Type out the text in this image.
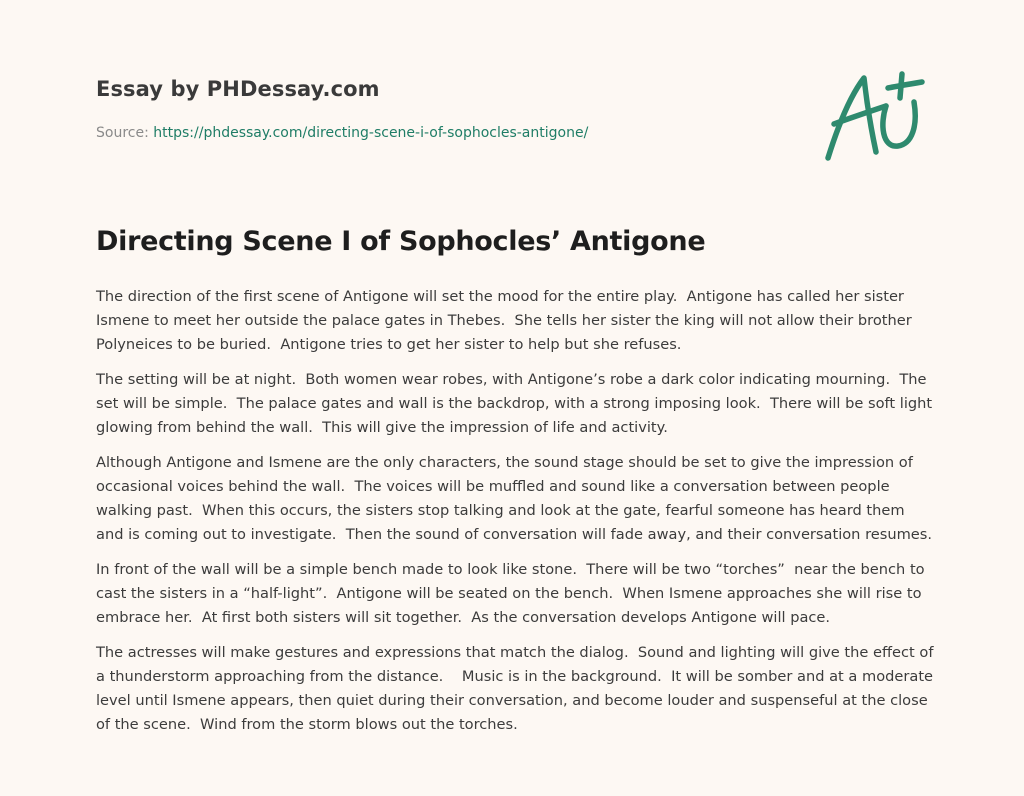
Essay by PHDessay.com
Source: https://phdessay.com/directing-scene-i-of-sophocles-antigone/
Directing Scene I of Sophocles’ Antigone

The direction of the first scene of Antigone will set the mood for the entire play.  Antigone has called her sister Ismene to meet her outside the palace gates in Thebes.  She tells her sister the king will not allow their brother Polyneices to be buried.  Antigone tries to get her sister to help but she refuses.

The setting will be at night.  Both women wear robes, with Antigone’s robe a dark color indicating mourning.  The set will be simple.  The palace gates and wall is the backdrop, with a strong imposing look.  There will be soft light glowing from behind the wall.  This will give the impression of life and activity.

Although Antigone and Ismene are the only characters, the sound stage should be set to give the impression of occasional voices behind the wall.  The voices will be muffled and sound like a conversation between people walking past.  When this occurs, the sisters stop talking and look at the gate, fearful someone has heard them and is coming out to investigate.  Then the sound of conversation will fade away, and their conversation resumes.

In front of the wall will be a simple bench made to look like stone.  There will be two “torches”  near the bench to cast the sisters in a “half-light”.  Antigone will be seated on the bench.  When Ismene approaches she will rise to embrace her.  At first both sisters will sit together.  As the conversation develops Antigone will pace.

The actresses will make gestures and expressions that match the dialog.  Sound and lighting will give the effect of a thunderstorm approaching from the distance.    Music is in the background.  It will be somber and at a moderate level until Ismene appears, then quiet during their conversation, and become louder and suspenseful at the close of the scene.  Wind from the storm blows out the torches.
